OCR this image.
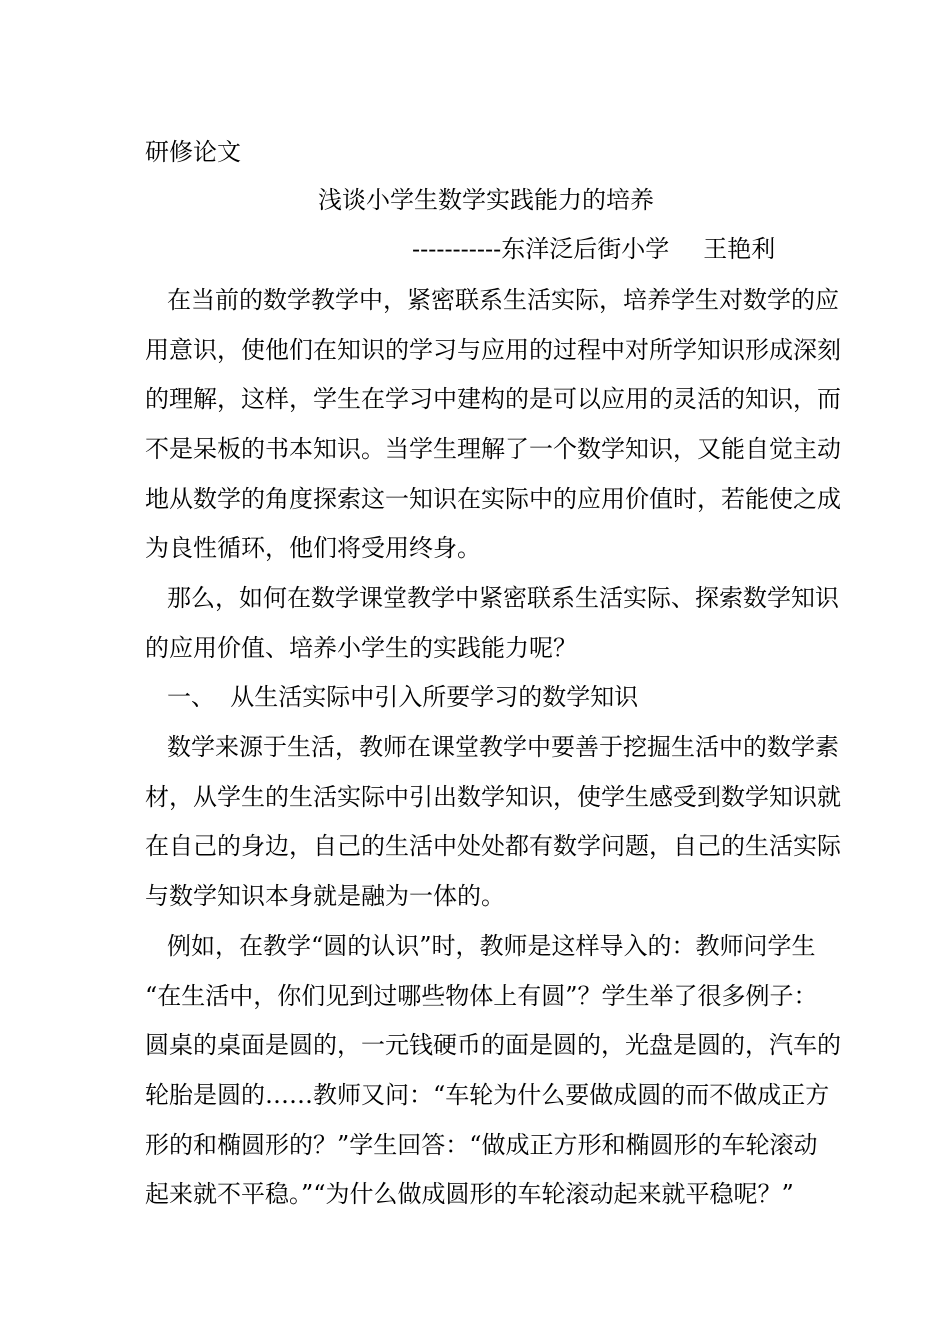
研修论文
浅谈小学生数学实践能力的培养
-----------东洋泛后街小学 王艳利
在当前的数学教学中，紧密联系生活实际，培养学生对数学的应
用意识，使他们在知识的学习与应用的过程中对所学知识形成深刻
的理解，这样，学生在学习中建构的是可以应用的灵活的知识，而
不是呆板的书本知识。当学生理解了一个数学知识，又能自觉主动
地从数学的角度探索这一知识在实际中的应用价值时，若能使之成
为良性循环，他们将受用终身。
那么，如何在数学课堂教学中紧密联系生活实际、探索数学知识
的应用价值、培养小学生的实践能力呢？
一、  从生活实际中引入所要学习的数学知识
数学来源于生活，教师在课堂教学中要善于挖掘生活中的数学素
材，从学生的生活实际中引出数学知识，使学生感受到数学知识就
在自己的身边，自己的生活中处处都有数学问题，自己的生活实际
与数学知识本身就是融为一体的。
例如，在教学“圆的认识”时，教师是这样导入的：教师问学生
“在生活中，你们见到过哪些物体上有圆”？学生举了很多例子：
圆桌的桌面是圆的，一元钱硬币的面是圆的，光盘是圆的，汽车的
轮胎是圆的……教师又问：“车轮为什么要做成圆的而不做成正方
形的和椭圆形的？”学生回答：“做成正方形和椭圆形的车轮滚动
起来就不平稳。”“为什么做成圆形的车轮滚动起来就平稳呢？”
